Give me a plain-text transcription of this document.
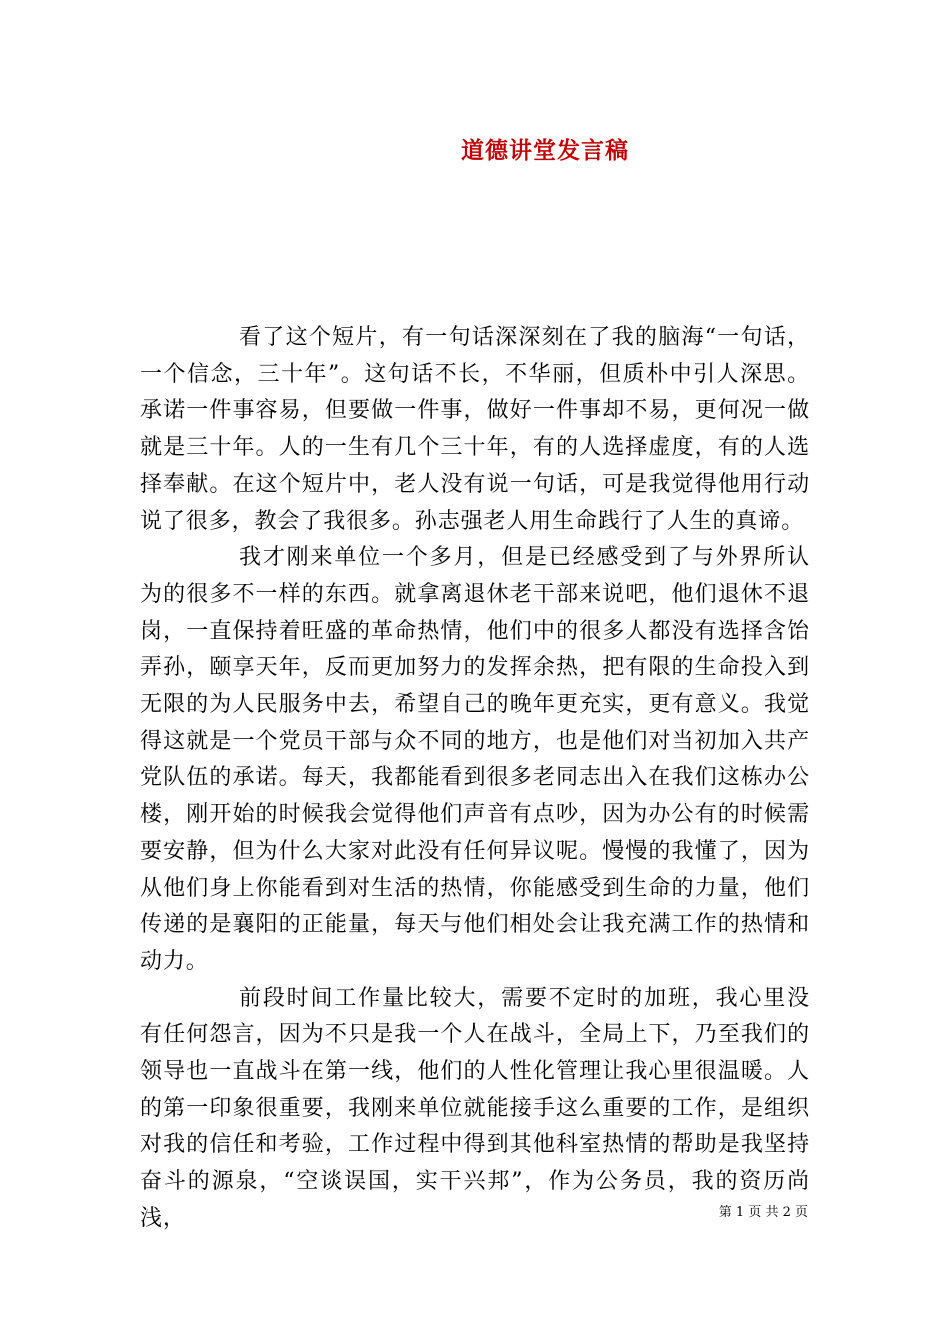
道德讲堂发言稿

看了这个短片，有一句话深深刻在了我的脑海“一句话，一个信念，三十年”。这句话不长，不华丽，但质朴中引人深思。承诺一件事容易，但要做一件事，做好一件事却不易，更何况一做就是三十年。人的一生有几个三十年，有的人选择虚度，有的人选择奉献。在这个短片中，老人没有说一句话，可是我觉得他用行动说了很多，教会了我很多。孙志强老人用生命践行了人生的真谛。

我才刚来单位一个多月，但是已经感受到了与外界所认为的很多不一样的东西。就拿离退休老干部来说吧，他们退休不退岗，一直保持着旺盛的革命热情，他们中的很多人都没有选择含饴弄孙，颐享天年，反而更加努力的发挥余热，把有限的生命投入到无限的为人民服务中去，希望自己的晚年更充实，更有意义。我觉得这就是一个党员干部与众不同的地方，也是他们对当初加入共产党队伍的承诺。每天，我都能看到很多老同志出入在我们这栋办公楼，刚开始的时候我会觉得他们声音有点吵，因为办公有的时候需要安静，但为什么大家对此没有任何异议呢。慢慢的我懂了，因为从他们身上你能看到对生活的热情，你能感受到生命的力量，他们传递的是襄阳的正能量，每天与他们相处会让我充满工作的热情和动力。

前段时间工作量比较大，需要不定时的加班，我心里没有任何怨言，因为不只是我一个人在战斗，全局上下，乃至我们的领导也一直战斗在第一线，他们的人性化管理让我心里很温暖。人的第一印象很重要，我刚来单位就能接手这么重要的工作，是组织对我的信任和考验，工作过程中得到其他科室热情的帮助是我坚持奋斗的源泉，“空谈误国，实干兴邦”，作为公务员，我的资历尚浅，	第 1 页 共 2 页
